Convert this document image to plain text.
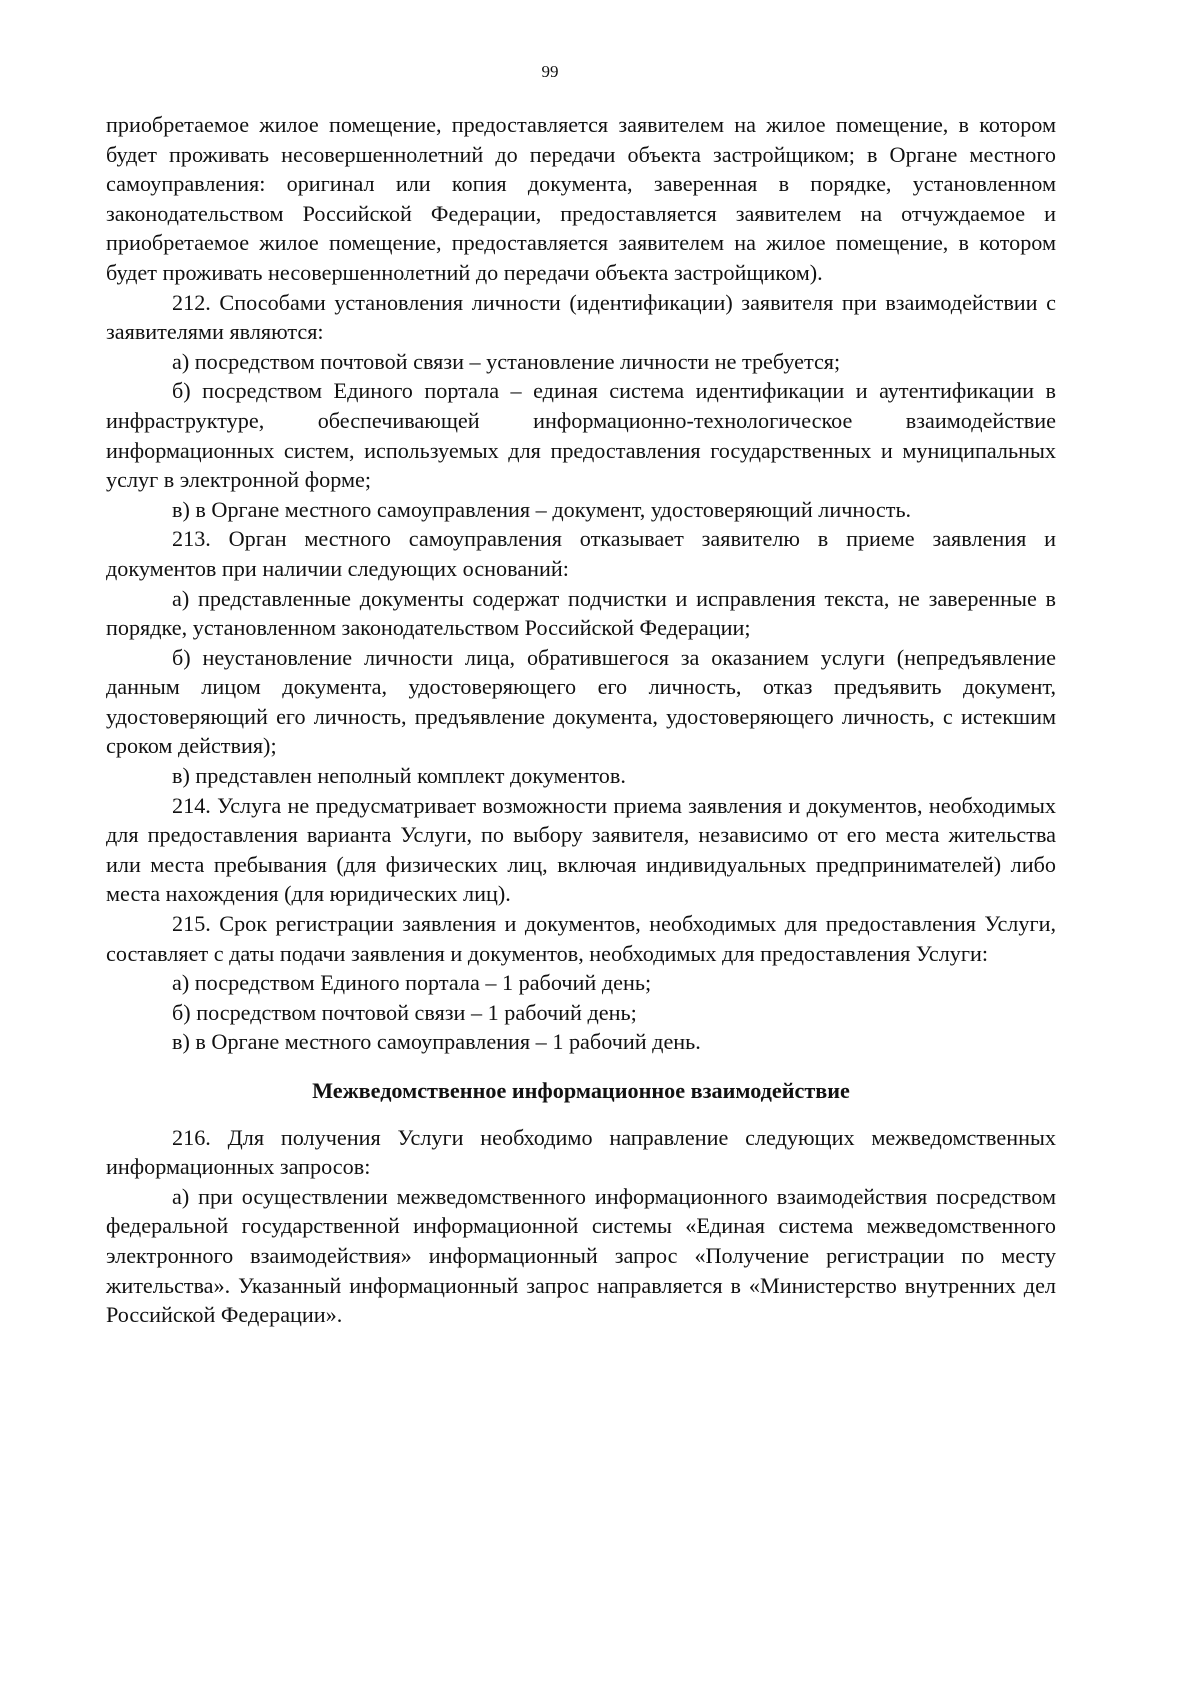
99

приобретаемое жилое помещение, предоставляется заявителем на жилое помещение, в котором будет проживать несовершеннолетний до передачи объекта застройщиком; в Органе местного самоуправления: оригинал или копия документа, заверенная в порядке, установленном законодательством Российской Федерации, предоставляется заявителем на отчуждаемое и приобретаемое жилое помещение, предоставляется заявителем на жилое помещение, в котором будет проживать несовершеннолетний до передачи объекта застройщиком).

212. Способами установления личности (идентификации) заявителя при взаимодействии с заявителями являются:

а) посредством почтовой связи – установление личности не требуется;

б) посредством Единого портала – единая система идентификации и аутентификации в инфраструктуре, обеспечивающей информационно-технологическое взаимодействие информационных систем, используемых для предоставления государственных и муниципальных услуг в электронной форме;

в) в Органе местного самоуправления – документ, удостоверяющий личность.

213. Орган местного самоуправления отказывает заявителю в приеме заявления и документов при наличии следующих оснований:

а) представленные документы содержат подчистки и исправления текста, не заверенные в порядке, установленном законодательством Российской Федерации;

б) неустановление личности лица, обратившегося за оказанием услуги (непредъявление данным лицом документа, удостоверяющего его личность, отказ предъявить документ, удостоверяющий его личность, предъявление документа, удостоверяющего личность, с истекшим сроком действия);

в) представлен неполный комплект документов.

214. Услуга не предусматривает возможности приема заявления и документов, необходимых для предоставления варианта Услуги, по выбору заявителя, независимо от его места жительства или места пребывания (для физических лиц, включая индивидуальных предпринимателей) либо места нахождения (для юридических лиц).

215. Срок регистрации заявления и документов, необходимых для предоставления Услуги, составляет с даты подачи заявления и документов, необходимых для предоставления Услуги:

а) посредством Единого портала – 1 рабочий день;

б) посредством почтовой связи – 1 рабочий день;

в) в Органе местного самоуправления – 1 рабочий день.

Межведомственное информационное взаимодействие

216. Для получения Услуги необходимо направление следующих межведомственных информационных запросов:

а) при осуществлении межведомственного информационного взаимодействия посредством федеральной государственной информационной системы «Единая система межведомственного электронного взаимодействия» информационный запрос «Получение регистрации по месту жительства». Указанный информационный запрос направляется в «Министерство внутренних дел Российской Федерации».
